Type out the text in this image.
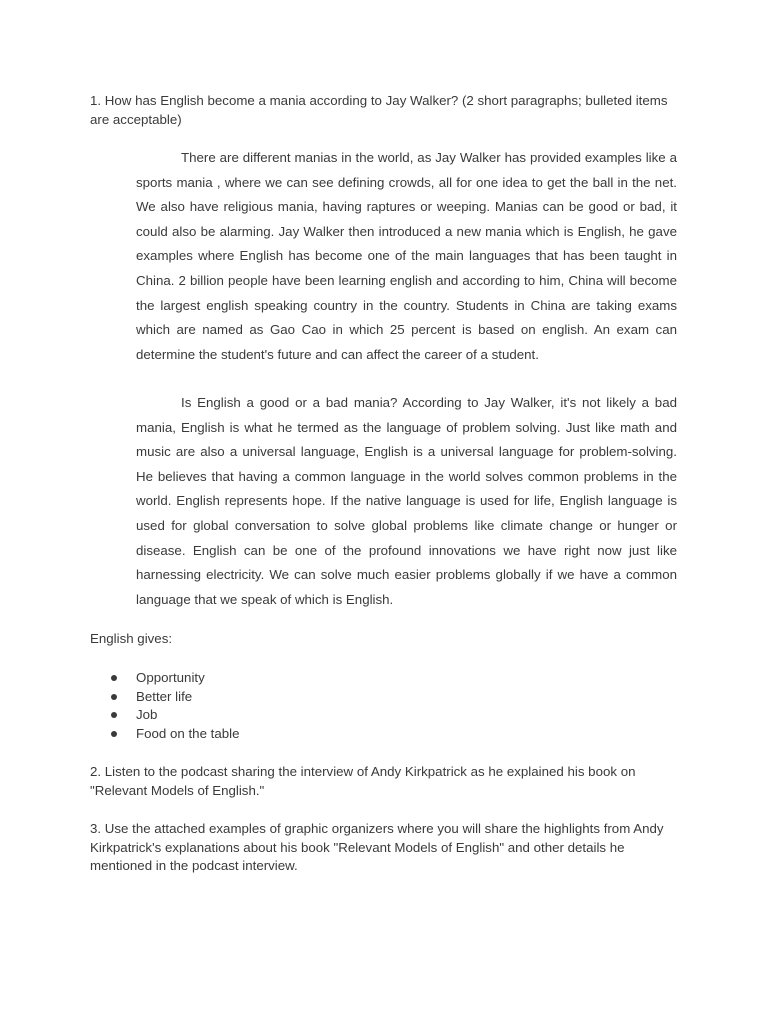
1. How has English become a mania according to Jay Walker? (2 short paragraphs; bulleted items are acceptable)

There are different manias in the world, as Jay Walker has provided examples like a sports mania , where we can see defining crowds, all for one idea to get the ball in the net. We also have religious mania, having raptures or weeping. Manias can be good or bad, it could also be alarming. Jay Walker then introduced a new mania which is English, he gave examples where English has become one of the main languages that has been taught in China. 2 billion people have been learning english and according to him, China will become the largest english speaking country in the country. Students in China are taking exams which are named as Gao Cao in which 25 percent is based on english. An exam can determine the student's future and can affect the career of a student.

Is English a good or a bad mania? According to Jay Walker, it's not likely a bad mania, English is what he termed as the language of problem solving. Just like math and music are also a universal language, English is a universal language for problem-solving. He believes that having a common language in the world solves common problems in the world. English represents hope. If the native language is used for life, English language is used for global conversation to solve global problems like climate change or hunger or disease. English can be one of the profound innovations we have right now just like harnessing electricity. We can solve much easier problems globally if we have a common language that we speak of which is English.

English gives:

Opportunity
Better life
Job
Food on the table

2. Listen to the podcast sharing the interview of Andy Kirkpatrick as he explained his book on "Relevant Models of English."

3. Use the attached examples of graphic organizers where you will share the highlights from Andy Kirkpatrick's explanations about his book "Relevant Models of English" and other details he mentioned in the podcast interview.
